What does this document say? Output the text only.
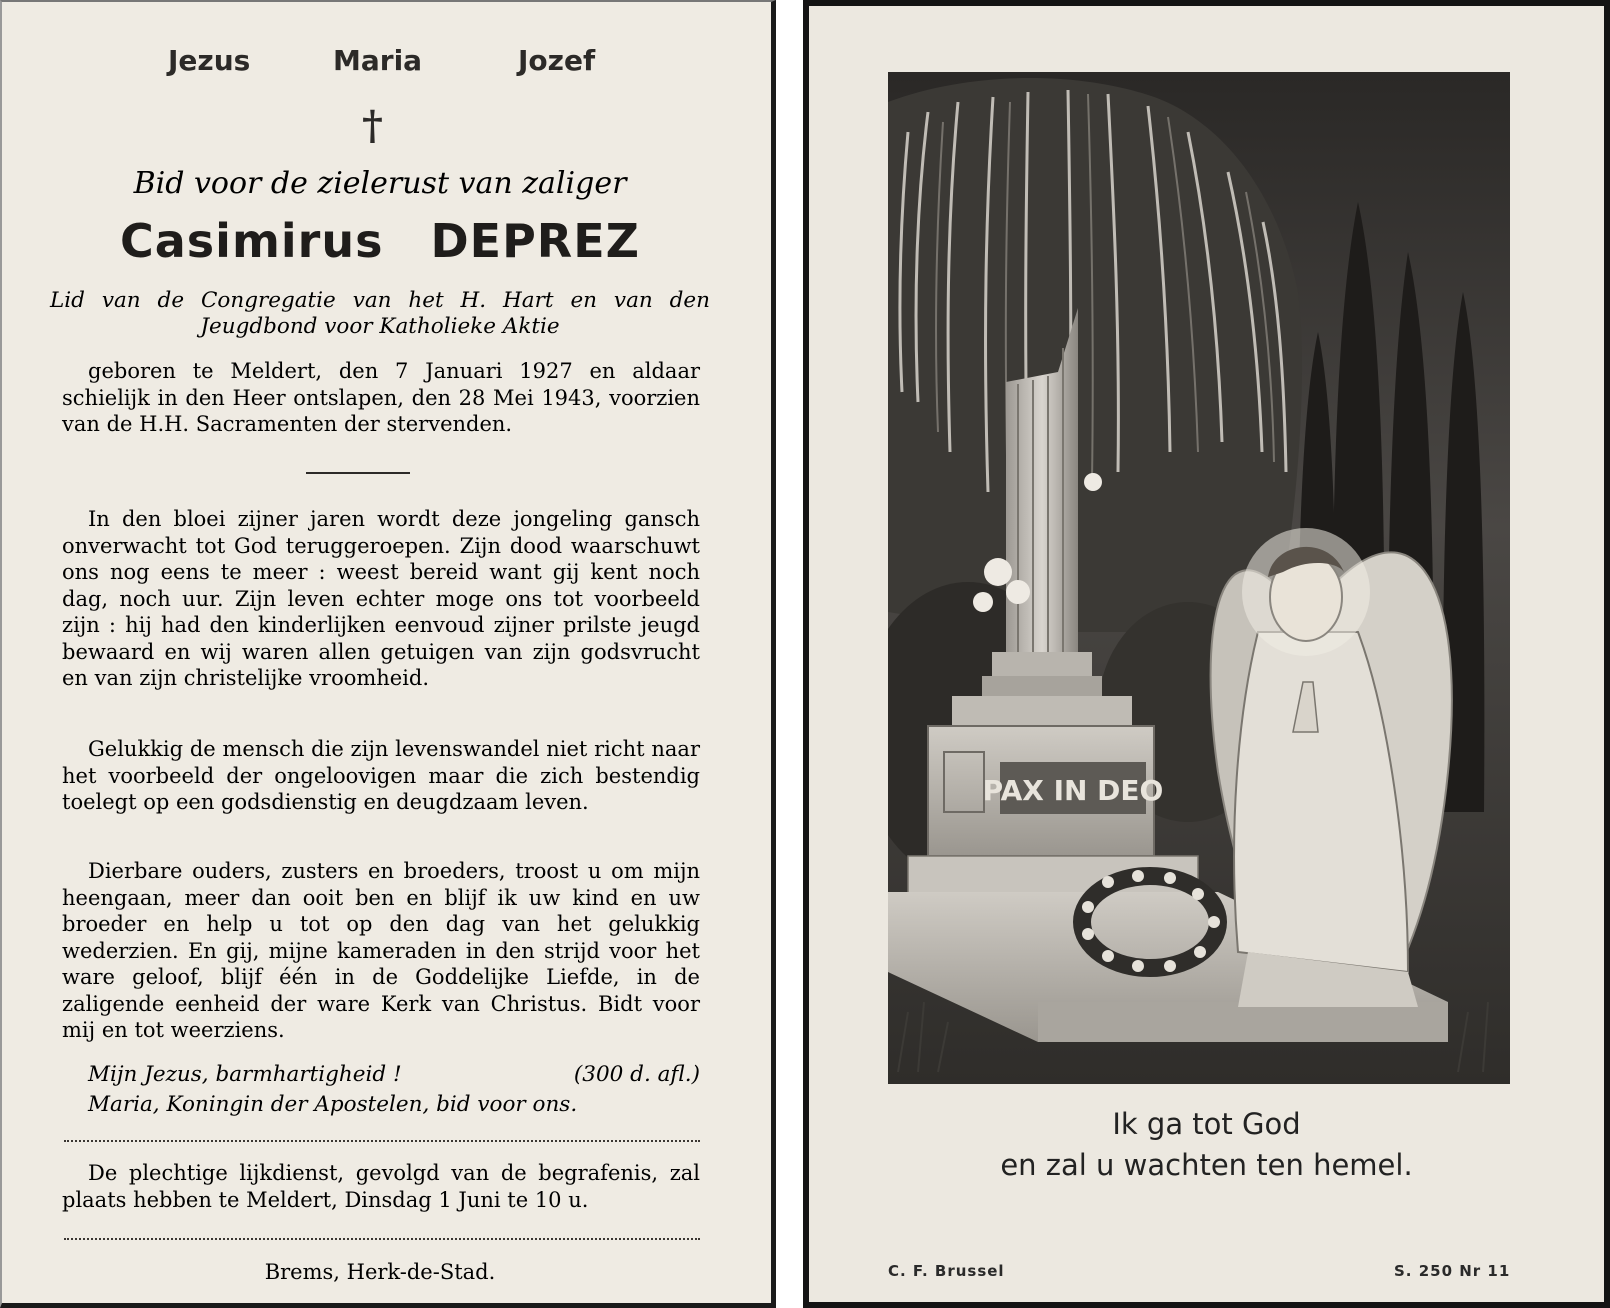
Jezus	Maria	Jozef
†
Bid voor de zielerust van zaliger
Casimirus DEPREZ
Lid van de Congregatie van het H. Hart en van den Jeugdbond voor Katholieke Aktie
geboren te Meldert, den 7 Januari 1927 en aldaar schielijk in den Heer ontslapen, den 28 Mei 1943, voorzien van de H.H. Sacramenten der stervenden.
In den bloei zijner jaren wordt deze jongeling gansch onverwacht tot God teruggeroepen. Zijn dood waarschuwt ons nog eens te meer : weest bereid want gij kent noch dag, noch uur. Zijn leven echter moge ons tot voorbeeld zijn : hij had den kinderlijken eenvoud zijner prilste jeugd bewaard en wij waren allen getuigen van zijn godsvrucht en van zijn christelijke vroomheid.
Gelukkig de mensch die zijn levenswandel niet richt naar het voorbeeld der ongeloovigen maar die zich bestendig toelegt op een godsdienstig en deugdzaam leven.
Dierbare ouders, zusters en broeders, troost u om mijn heengaan, meer dan ooit ben en blijf ik uw kind en uw broeder en help u tot op den dag van het gelukkig wederzien. En gij, mijne kameraden in den strijd voor het ware geloof, blijf één in de Goddelijke Liefde, in de zaligende eenheid der ware Kerk van Christus. Bidt voor mij en tot weerziens.
Mijn Jezus, barmhartigheid !	(300 d. afl.)
Maria, Koningin der Apostelen, bid voor ons.
De plechtige lijkdienst, gevolgd van de begrafenis, zal plaats hebben te Meldert, Dinsdag 1 Juni te 10 u.
Brems, Herk-de-Stad.
PAX IN DEO
Ik ga tot God
en zal u wachten ten hemel.
C. F. Brussel	S. 250 Nr 11
